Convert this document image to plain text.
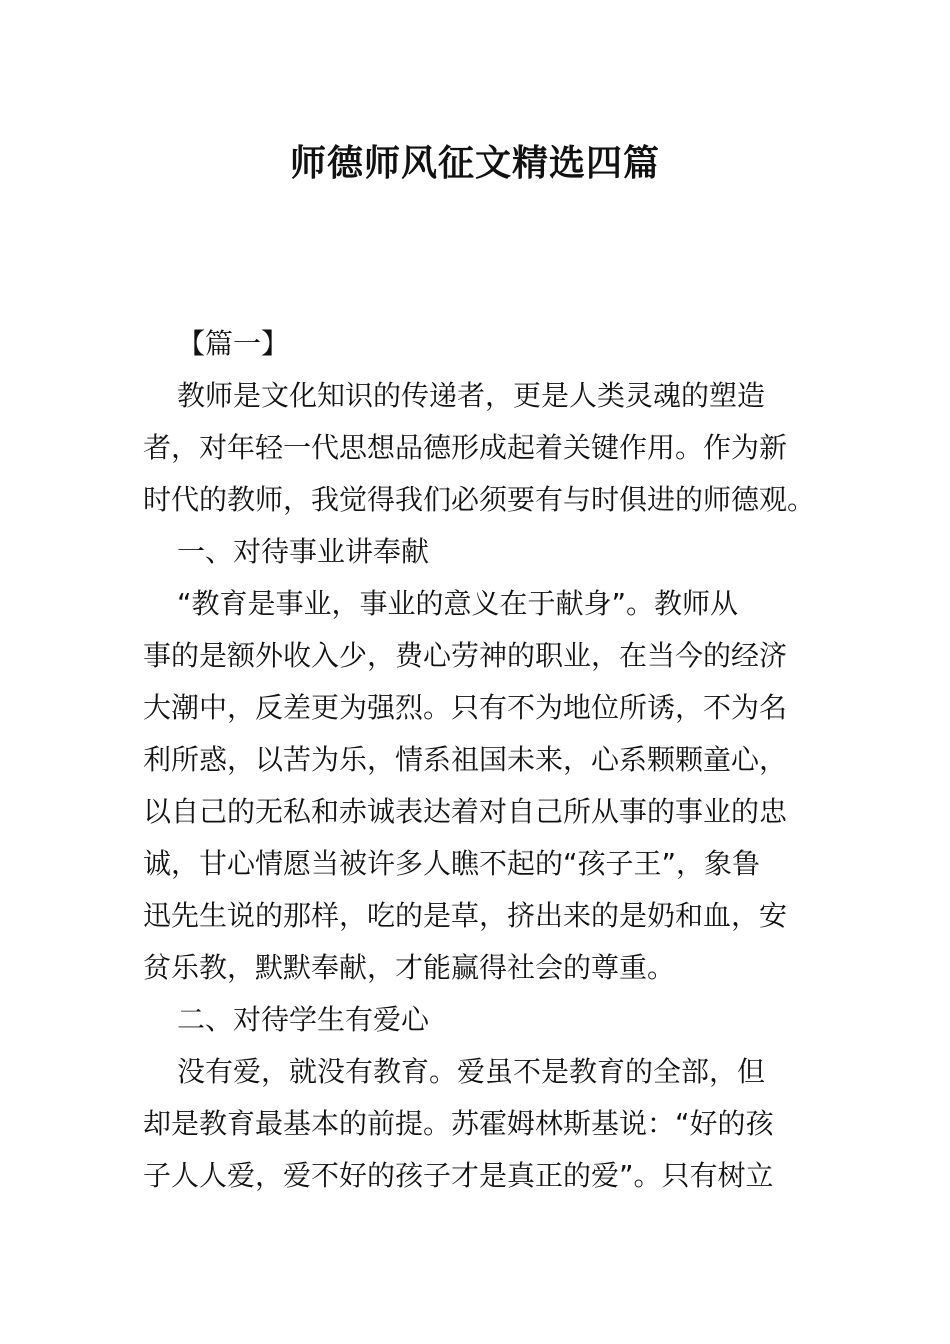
师德师风征文精选四篇
【篇一】
教师是文化知识的传递者，更是人类灵魂的塑造
者，对年轻一代思想品德形成起着关键作用。作为新
时代的教师，我觉得我们必须要有与时俱进的师德观。
一、对待事业讲奉献
“教育是事业，事业的意义在于献身”。教师从
事的是额外收入少，费心劳神的职业，在当今的经济
大潮中，反差更为强烈。只有不为地位所诱，不为名
利所惑，以苦为乐，情系祖国未来，心系颗颗童心，
以自己的无私和赤诚表达着对自己所从事的事业的忠
诚，甘心情愿当被许多人瞧不起的“孩子王”，象鲁
迅先生说的那样，吃的是草，挤出来的是奶和血，安
贫乐教，默默奉献，才能赢得社会的尊重。
二、对待学生有爱心
没有爱，就没有教育。爱虽不是教育的全部，但
却是教育最基本的前提。苏霍姆林斯基说：“好的孩
子人人爱，爱不好的孩子才是真正的爱”。只有树立
